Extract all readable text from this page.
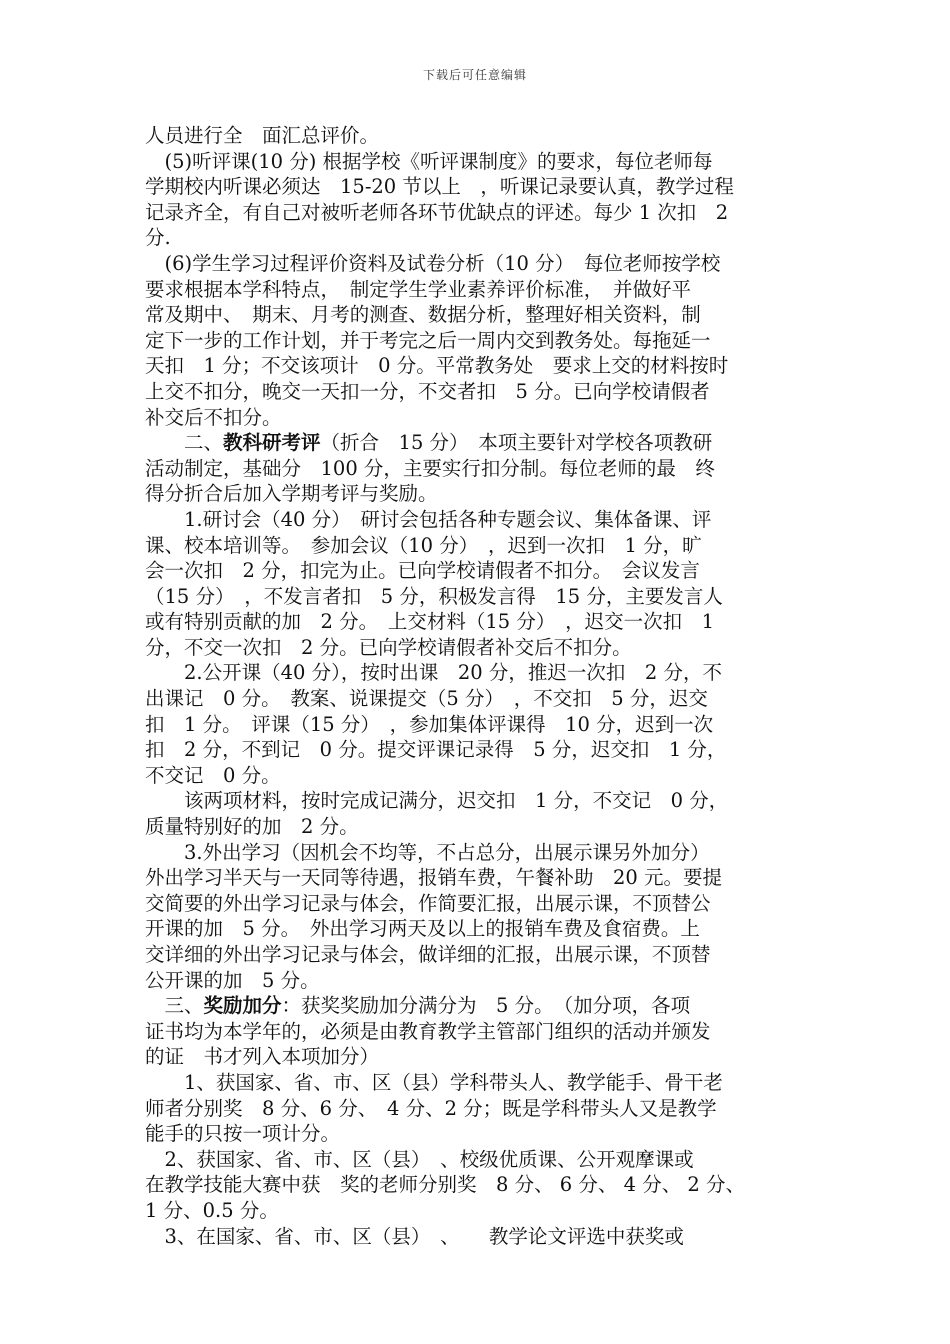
下载后可任意编辑
人员进行全　面汇总评价。
　(5)听评课(10 分) 根据学校《听评课制度》的要求，每位老师每
学期校内听课必须达　15-20 节以上　，听课记录要认真，教学过程
记录齐全，有自己对被听老师各环节优缺点的评述。每少 1 次扣　2
分.
　(6)学生学习过程评价资料及试卷分析（10 分）　每位老师按学校
要求根据本学科特点，　制定学生学业素养评价标准，　并做好平
常及期中、　期末、月考的测查、数据分析，整理好相关资料，制
定下一步的工作计划，并于考完之后一周内交到教务处。每拖延一
天扣　1 分；不交该项计　0 分。平常教务处　要求上交的材料按时
上交不扣分，晚交一天扣一分，不交者扣　5 分。已向学校请假者
补交后不扣分。
　　二、教科研考评（折合　15 分）　本项主要针对学校各项教研
活动制定，基础分　100 分，主要实行扣分制。每位老师的最　终
得分折合后加入学期考评与奖励。
　　1.研讨会（40 分）　研讨会包括各种专题会议、集体备课、评
课、校本培训等。　参加会议（10 分）　，迟到一次扣　1 分，旷
会一次扣　2 分，扣完为止。已向学校请假者不扣分。　会议发言
（15 分）　，不发言者扣　5 分，积极发言得　15 分，主要发言人
或有特别贡献的加　2 分。　上交材料（15 分）　，迟交一次扣　1
分，不交一次扣　2 分。已向学校请假者补交后不扣分。
　　2.公开课（40 分），按时出课　20 分，推迟一次扣　2 分，不
出课记　0 分。　教案、说课提交（5 分）　，不交扣　5 分，迟交
扣　1 分。　评课（15 分）　，参加集体评课得　10 分，迟到一次
扣　2 分，不到记　0 分。提交评课记录得　5 分，迟交扣　1 分，
不交记　0 分。
　　该两项材料，按时完成记满分，迟交扣　1 分，不交记　0 分，
质量特别好的加　2 分。
　　3.外出学习（因机会不均等，不占总分，出展示课另外加分）
外出学习半天与一天同等待遇，报销车费，午餐补助　20 元。要提
交简要的外出学习记录与体会，作简要汇报，出展示课，不顶替公
开课的加　5 分。　外出学习两天及以上的报销车费及食宿费。上
交详细的外出学习记录与体会，做详细的汇报，出展示课，不顶替
公开课的加　5 分。
　三、奖励加分：获奖奖励加分满分为　5 分。　（加分项，各项
证书均为本学年的，必须是由教育教学主管部门组织的活动并颁发
的证　书才列入本项加分）
　　1、获国家、省、市、区（县）学科带头人、教学能手、骨干老
师者分别奖　8 分、6 分、　4 分、2 分；既是学科带头人又是教学
能手的只按一项计分。
　2、获国家、省、市、区（县）　、校级优质课、公开观摩课或
在教学技能大赛中获　奖的老师分别奖　8 分、 6 分、 4 分、 2 分、
1 分、0.5 分。
　3、在国家、省、市、区（县）　、　　教学论文评选中获奖或
